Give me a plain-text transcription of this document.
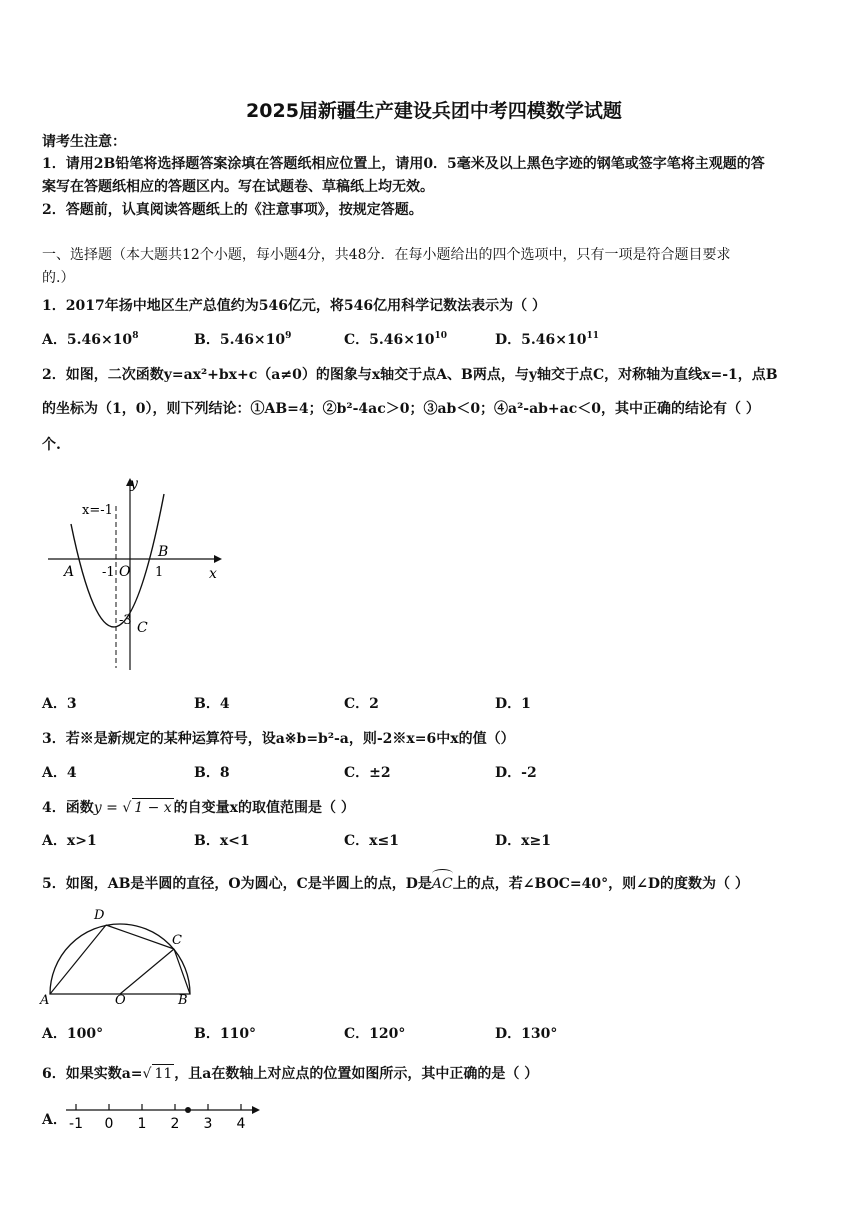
2025届新疆生产建设兵团中考四模数学试题
请考生注意：
1．请用2B铅笔将选择题答案涂填在答题纸相应位置上，请用0．5毫米及以上黑色字迹的钢笔或签字笔将主观题的答
案写在答题纸相应的答题区内。写在试题卷、草稿纸上均无效。
2．答题前，认真阅读答题纸上的《注意事项》，按规定答题。
一、选择题（本大题共12个小题，每小题4分，共48分．在每小题给出的四个选项中，只有一项是符合题目要求
的.）
1．2017年扬中地区生产总值约为546亿元，将546亿用科学记数法表示为（ ）
A．$5.46\times 10^8$	B．$5.46\times 10^9$	C．$5.46\times 10^{10}$	D．$5.46\times 10^{11}$
2．如图，二次函数y=ax²+bx+c（a≠0）的图象与x轴交于点A、B两点，与y轴交于点C，对称轴为直线x=-1，点B
的坐标为（1，0），则下列结论：①AB=4；②b²-4ac＞0；③ab＜0；④a²-ab+ac＜0，其中正确的结论有（ ）
个.
y
x
x=-1
A -1 O 1
B
-3 C
A．3	B．4	C．2	D．1
3．若※是新规定的某种运算符号，设a※b=b²-a，则-2※x=6中x的值（）
A．4	B．8	C．±2	D．-2
4．函数y = √ 1 − x 的自变量x的取值范围是（ ）
A．x>1	B．x<1	C．x≤1	D．x≥1
5．如图，AB是半圆的直径，O为圆心，C是半圆上的点，D是
AC上的点，若∠BOC=40°，则∠D的度数为（ ）
A	O	B
C
D
A．100°	B．110°	C．120°	D．130°
6．如果实数a=√ 11 ，且a在数轴上对应点的位置如图所示，其中正确的是（ ）
A． -1 0 1 2 3 4
